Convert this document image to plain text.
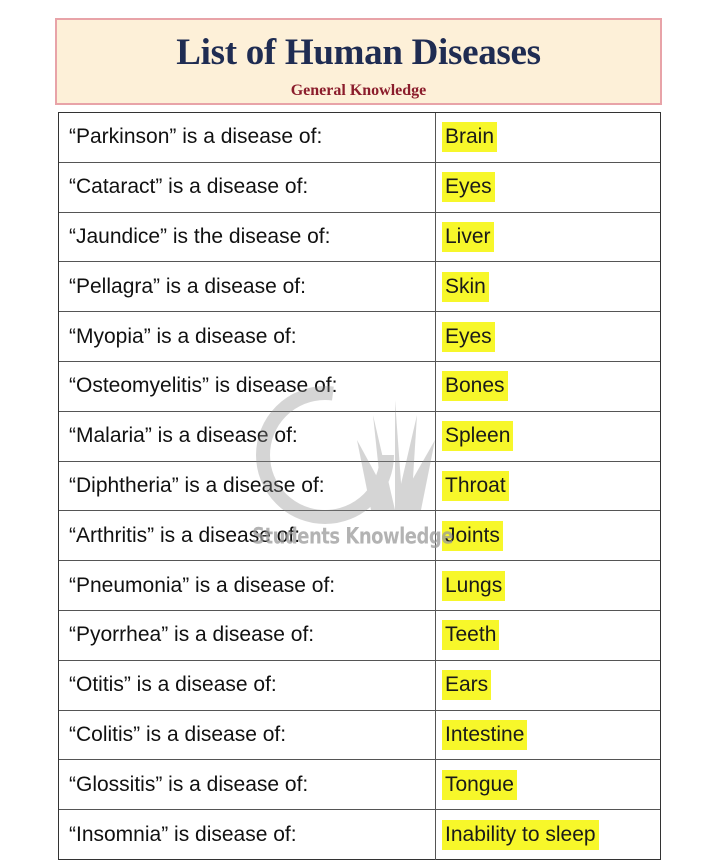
List of Human Diseases
General Knowledge
“Parkinson” is a disease of:	Brain
“Cataract” is a disease of:	Eyes
“Jaundice” is the disease of:	Liver
“Pellagra” is a disease of:	Skin
“Myopia” is a disease of:	Eyes
“Osteomyelitis” is disease of:	Bones
“Malaria” is a disease of:	Spleen
“Diphtheria” is a disease of:	Throat
“Arthritis” is a disease of:	Joints
“Pneumonia” is a disease of:	Lungs
“Pyorrhea” is a disease of:	Teeth
“Otitis” is a disease of:	Ears
“Colitis” is a disease of:	Intestine
“Glossitis” is a disease of:	Tongue
“Insomnia” is disease of:	Inability to sleep
Students Knowledge
